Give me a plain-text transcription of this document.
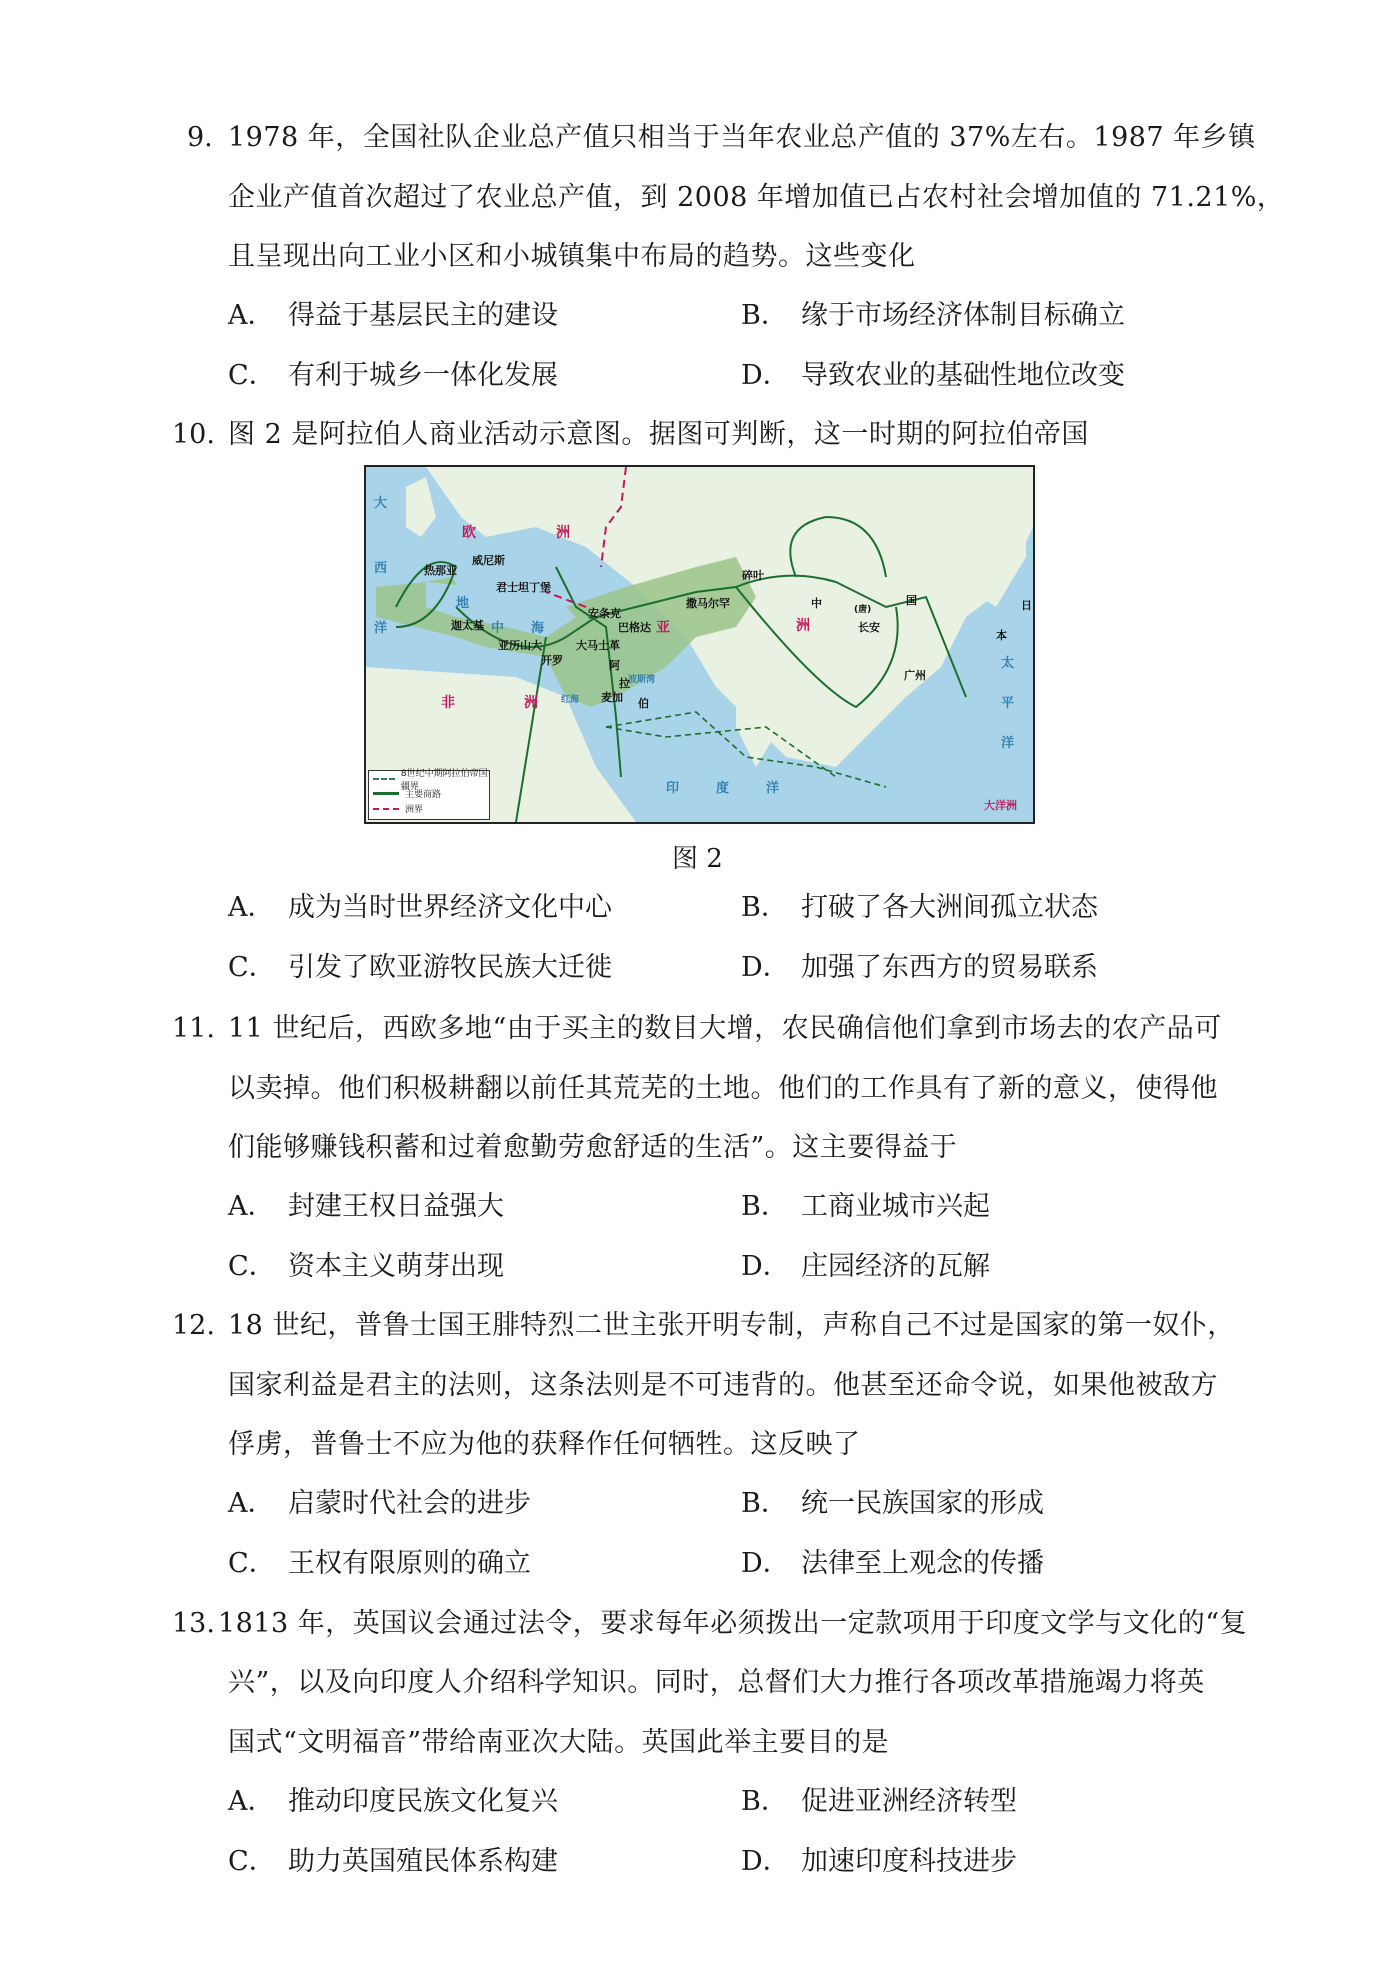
9. 1978 年，全国社队企业总产值只相当于当年农业总产值的 37%左右。1987 年乡镇
企业产值首次超过了农业总产值，到 2008 年增加值已占农村社会增加值的 71.21%，
且呈现出向工业小区和小城镇集中布局的趋势。这些变化
A． 得益于基层民主的建设	B． 缘于市场经济体制目标确立
C． 有利于城乡一体化发展	D． 导致农业的基础性地位改变
10. 图 2 是阿拉伯人商业活动示意图。据图可判断，这一时期的阿拉伯帝国
欧	洲
亚	洲
非	洲
大洋洲
大
西
洋
地
中 海
印	度	洋
太
平
洋
红海
波斯湾
热那亚
威尼斯
君士坦丁堡
迦太基
亚历山大
开罗
安条克
大马士革
巴格达
撒马尔罕
碎叶
长安
广州
麦加
阿
拉
伯
中	(唐)
国	日
本
8世纪中期阿拉伯帝国疆界
主要商路
洲界
图 2
A． 成为当时世界经济文化中心	B． 打破了各大洲间孤立状态
C． 引发了欧亚游牧民族大迁徙	D． 加强了东西方的贸易联系
11. 11 世纪后，西欧多地“由于买主的数目大增，农民确信他们拿到市场去的农产品可
以卖掉。他们积极耕翻以前任其荒芜的土地。他们的工作具有了新的意义，使得他
们能够赚钱积蓄和过着愈勤劳愈舒适的生活”。这主要得益于
A． 封建王权日益强大	B． 工商业城市兴起
C． 资本主义萌芽出现	D． 庄园经济的瓦解
12. 18 世纪，普鲁士国王腓特烈二世主张开明专制，声称自己不过是国家的第一奴仆，
国家利益是君主的法则，这条法则是不可违背的。他甚至还命令说，如果他被敌方
俘虏，普鲁士不应为他的获释作任何牺牲。这反映了
A． 启蒙时代社会的进步	B． 统一民族国家的形成
C． 王权有限原则的确立	D． 法律至上观念的传播
13. 1813 年，英国议会通过法令，要求每年必须拨出一定款项用于印度文学与文化的“复
兴”，以及向印度人介绍科学知识。同时，总督们大力推行各项改革措施竭力将英
国式“文明福音”带给南亚次大陆。英国此举主要目的是
A． 推动印度民族文化复兴	B． 促进亚洲经济转型
C． 助力英国殖民体系构建	D． 加速印度科技进步
